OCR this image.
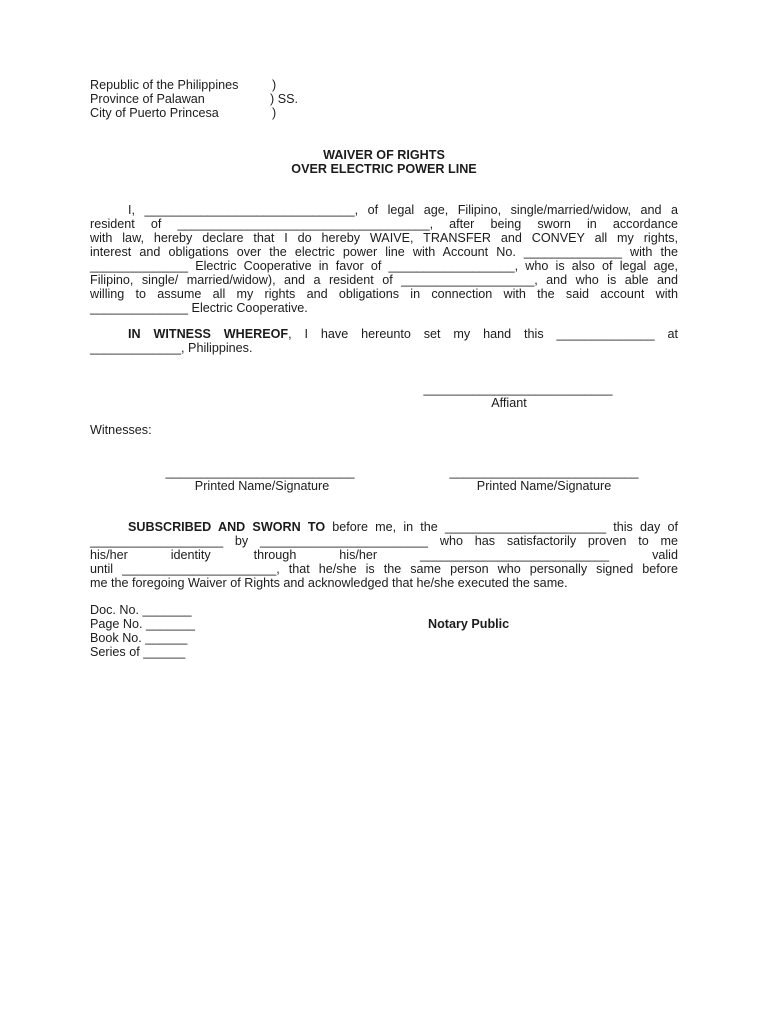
Republic of the Philippines	)
Province of Palawan	) SS.
City of Puerto Princesa	)
WAIVER OF RIGHTS
OVER ELECTRIC POWER LINE
I, ______________________________, of legal age, Filipino, single/married/widow, and a
resident of ____________________________________, after being sworn in accordance
with law, hereby declare that I do hereby WAIVE, TRANSFER and CONVEY all my rights,
interest and obligations over the electric power line with Account No. ______________ with the
______________ Electric Cooperative in favor of __________________, who is also of legal age,
Filipino, single/ married/widow), and a resident of ___________________, and who is able and
willing to assume all my rights and obligations in connection with the said account with
______________ Electric Cooperative.
IN WITNESS WHEREOF, I have hereunto set my hand this ______________ at
_____________, Philippines.
___________________________
Affiant
Witnesses:
___________________________
Printed Name/Signature
___________________________
Printed Name/Signature
SUBSCRIBED AND SWORN TO before me, in the _______________________ this day of
___________________ by ________________________ who has satisfactorily proven to me
his/her identity through his/her ___________________________ valid
until ______________________, that he/she is the same person who personally signed before
me the foregoing Waiver of Rights and acknowledged that he/she executed the same.
Doc. No. _______
Page No. _______
Book No. ______
Series of ______
Notary Public
